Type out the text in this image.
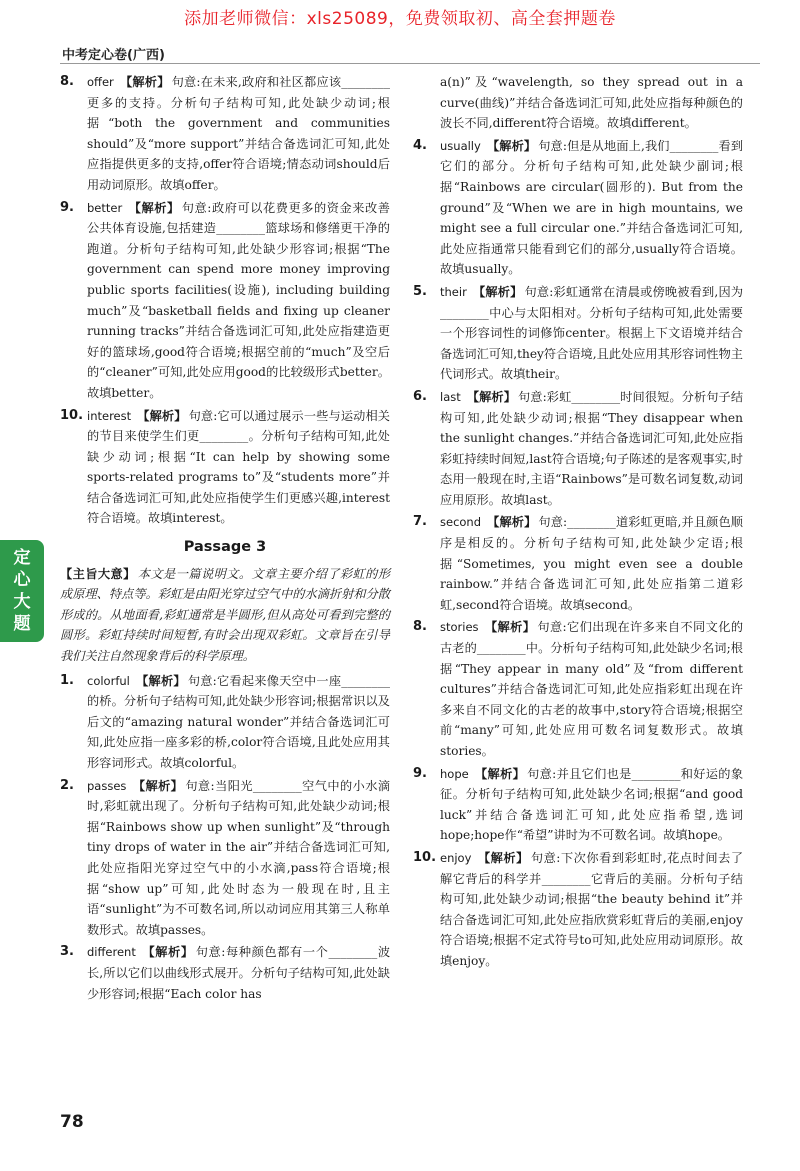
添加老师微信：xls25089，免费领取初、高全套押题卷
中考定心卷(广西)
8. offer 【解析】 句意:在未来,政府和社区都应该________更多的支持。分析句子结构可知,此处缺少动词;根据“both the government and communities should”及“more support”并结合备选词汇可知,此处应指提供更多的支持,offer符合语境;情态动词should后用动词原形。故填offer。
9. better 【解析】 句意:政府可以花费更多的资金来改善公共体育设施,包括建造________篮球场和修缮更干净的跑道。分析句子结构可知,此处缺少形容词;根据“The government can spend more money improving public sports facilities(设施), including building much”及“basketball fields and fixing up cleaner running tracks”并结合备选词汇可知,此处应指建造更好的篮球场,good符合语境;根据空前的“much”及空后的“cleaner”可知,此处应用good的比较级形式better。故填better。
10. interest 【解析】 句意:它可以通过展示一些与运动相关的节目来使学生们更________。分析句子结构可知,此处缺少动词;根据“It can help by showing some sports-related programs to”及“students more”并结合备选词汇可知,此处应指使学生们更感兴趣,interest符合语境。故填interest。
Passage 3
【主旨大意】 本文是一篇说明文。文章主要介绍了彩虹的形成原理、特点等。彩虹是由阳光穿过空气中的水滴折射和分散形成的。从地面看,彩虹通常是半圆形,但从高处可看到完整的圆形。彩虹持续时间短暂,有时会出现双彩虹。文章旨在引导我们关注自然现象背后的科学原理。
1. colorful 【解析】 句意:它看起来像天空中一座________的桥。分析句子结构可知,此处缺少形容词;根据常识以及后文的“amazing natural wonder”并结合备选词汇可知,此处应指一座多彩的桥,color符合语境,且此处应用其形容词形式。故填colorful。
2. passes 【解析】 句意:当阳光________空气中的小水滴时,彩虹就出现了。分析句子结构可知,此处缺少动词;根据“Rainbows show up when sunlight”及“through tiny drops of water in the air”并结合备选词汇可知,此处应指阳光穿过空气中的小水滴,pass符合语境;根据“show up”可知,此处时态为一般现在时,且主语“sunlight”为不可数名词,所以动词应用其第三人称单数形式。故填passes。
3. different 【解析】 句意:每种颜色都有一个________波长,所以它们以曲线形式展开。分析句子结构可知,此处缺少形容词;根据“Each color has
a(n)”及“wavelength, so they spread out in a curve(曲线)”并结合备选词汇可知,此处应指每种颜色的波长不同,different符合语境。故填different。
4. usually 【解析】 句意:但是从地面上,我们________看到它们的部分。分析句子结构可知,此处缺少副词;根据“Rainbows are circular(圆形的). But from the ground”及“When we are in high mountains, we might see a full circular one.”并结合备选词汇可知,此处应指通常只能看到它们的部分,usually符合语境。故填usually。
5. their 【解析】 句意:彩虹通常在清晨或傍晚被看到,因为________中心与太阳相对。分析句子结构可知,此处需要一个形容词性的词修饰center。根据上下文语境并结合备选词汇可知,they符合语境,且此处应用其形容词性物主代词形式。故填their。
6. last 【解析】 句意:彩虹________时间很短。分析句子结构可知,此处缺少动词;根据“They disappear when the sunlight changes.”并结合备选词汇可知,此处应指彩虹持续时间短,last符合语境;句子陈述的是客观事实,时态用一般现在时,主语“Rainbows”是可数名词复数,动词应用原形。故填last。
7. second 【解析】 句意:________道彩虹更暗,并且颜色顺序是相反的。分析句子结构可知,此处缺少定语;根据“Sometimes, you might even see a double rainbow.”并结合备选词汇可知,此处应指第二道彩虹,second符合语境。故填second。
8. stories 【解析】 句意:它们出现在许多来自不同文化的古老的________中。分析句子结构可知,此处缺少名词;根据“They appear in many old”及“from different cultures”并结合备选词汇可知,此处应指彩虹出现在许多来自不同文化的古老的故事中,story符合语境;根据空前“many”可知,此处应用可数名词复数形式。故填stories。
9. hope 【解析】 句意:并且它们也是________和好运的象征。分析句子结构可知,此处缺少名词;根据“and good luck”并结合备选词汇可知,此处应指希望,选词hope;hope作“希望”讲时为不可数名词。故填hope。
10. enjoy 【解析】 句意:下次你看到彩虹时,花点时间去了解它背后的科学并________它背后的美丽。分析句子结构可知,此处缺少动词;根据“the beauty behind it”并结合备选词汇可知,此处应指欣赏彩虹背后的美丽,enjoy符合语境;根据不定式符号to可知,此处应用动词原形。故填enjoy。
定
心
大
题
78
